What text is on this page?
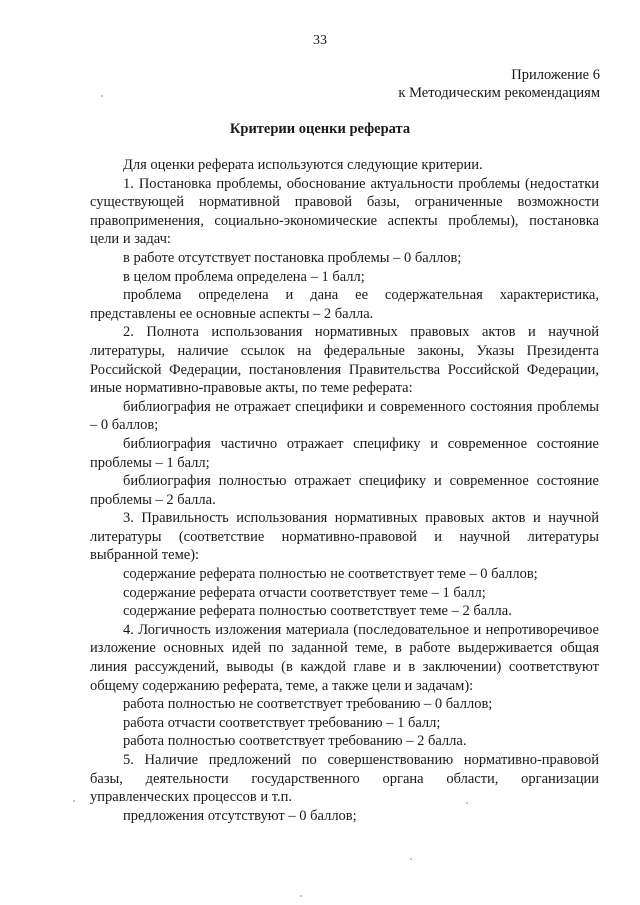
33
Приложение 6
к Методическим рекомендациям
Критерии оценки реферата

Для оценки реферата используются следующие критерии.

1. Постановка проблемы, обоснование актуальности проблемы (недостатки существующей нормативной правовой базы, ограниченные возможности правоприменения, социально-экономические аспекты проблемы), постановка цели и задач:

в работе отсутствует постановка проблемы – 0 баллов;

в целом проблема определена – 1 балл;

проблема определена и дана ее содержательная характеристика, представлены ее основные аспекты – 2 балла.

2. Полнота использования нормативных правовых актов и научной литературы, наличие ссылок на федеральные законы, Указы Президента Российской Федерации, постановления Правительства Российской Федерации, иные нормативно-правовые акты, по теме реферата:

библиография не отражает специфики и современного состояния проблемы – 0 баллов;

библиография частично отражает специфику и современное состояние проблемы – 1 балл;

библиография полностью отражает специфику и современное состояние проблемы – 2 балла.

3. Правильность использования нормативных правовых актов и научной литературы (соответствие нормативно-правовой и научной литературы выбранной теме):

содержание реферата полностью не соответствует теме – 0 баллов;

содержание реферата отчасти соответствует теме – 1 балл;

содержание реферата полностью соответствует теме – 2 балла.

4. Логичность изложения материала (последовательное и непротиворечивое изложение основных идей по заданной теме, в работе выдерживается общая линия рассуждений, выводы (в каждой главе и в заключении) соответствуют общему содержанию реферата, теме, а также цели и задачам):

работа полностью не соответствует требованию – 0 баллов;

работа отчасти соответствует требованию – 1 балл;

работа полностью соответствует требованию – 2 балла.

5. Наличие предложений по совершенствованию нормативно-правовой базы, деятельности государственного органа области, организации управленческих процессов и т.п.

предложения отсутствуют – 0 баллов;
